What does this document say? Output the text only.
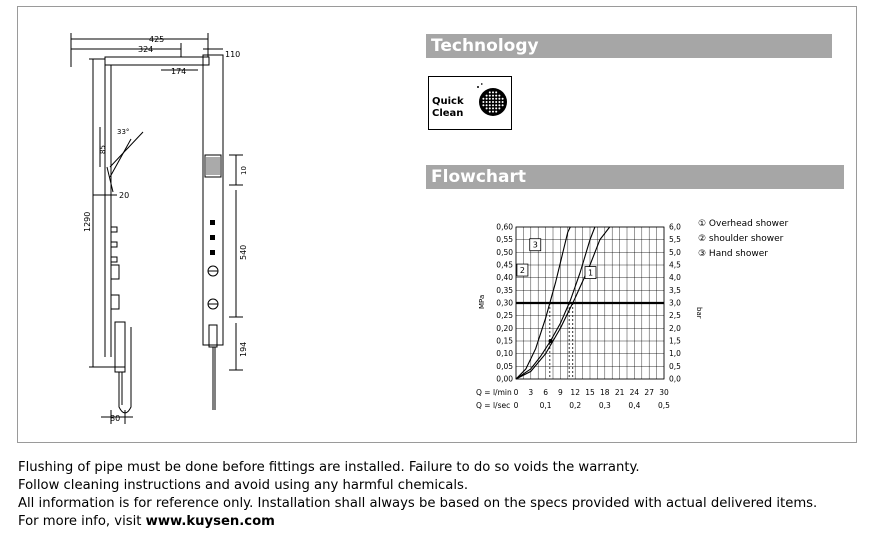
425
324
174
33°
85
20
1290
80
110
10
540
194
Technology
Quick
Clean
Flowchart
1
2
3
0,60
0,55
0,50
0,45
0,40
0,35
0,30
0,25
0,20
0,15
0,10
0,05
0,00
6,0
5,5
5,0
4,5
4,0
3,5
3,0
2,5
2,0
1,5
1,0
0,5
0,0
0 3 6 9 12 15 18 21 24 27 30
0	0,1 0,2 0,3 0,4 0,5
MPa
bar
Q = l/min
Q = l/sec
① Overhead shower
② shoulder shower
③ Hand shower
Flushing of pipe must be done before fittings are installed. Failure to do so voids the warranty.
Follow cleaning instructions and avoid using any harmful chemicals.
All information is for reference only. Installation shall always be based on the specs provided with actual delivered items.
For more info, visit www.kuysen.com
